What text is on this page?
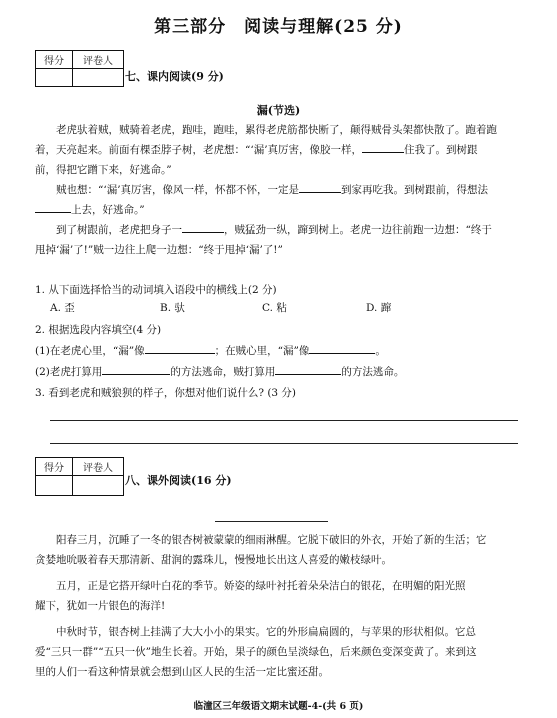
第三部分　阅读与理解(25 分)
得分	评卷人

七、课内阅读(9 分)
漏(节选)

老虎驮着贼，贼骑着老虎，跑哇，跑哇，累得老虎筋都快断了，颠得贼骨头架都快散了。跑着跑

着，天亮起来。前面有棵歪脖子树，老虎想：“‘漏’真厉害，像胶一样，	住我了。到树跟
前，得把它蹭下来，好逃命。”
贼也想：“‘漏’真厉害，像风一样，怀都不怀，一定是	到家再吃我。到树跟前，得想法
上去，好逃命。”
到了树跟前，老虎把身子一	，贼猛劲一纵，蹿到树上。老虎一边往前跑一边想：“终于
甩掉‘漏’了!”贼一边往上爬一边想：“终于甩掉‘漏’了!”
1. 从下面选择恰当的动词填入语段中的横线上(2 分)
A. 歪	B. 驮	C. 粘	D. 蹿
2. 根据选段内容填空(4 分)
(1)在老虎心里，“漏”像	；在贼心里，“漏”像	。
(2)老虎打算用	的方法逃命，贼打算用	的方法逃命。
3. 看到老虎和贼狼狈的样子，你想对他们说什么? (3 分)
得分	评卷人

八、课外阅读(16 分)

阳春三月，沉睡了一冬的银杏树被蒙蒙的细雨淋醒。它脱下破旧的外衣，开始了新的生活；它

贪婪地吮吸着春天那清新、甜润的露珠儿，慢慢地长出这人喜爱的嫩枝绿叶。

五月，正是它搭开绿叶白花的季节。娇姿的绿叶衬托着朵朵洁白的银花，在明媚的阳光照

耀下，犹如一片银色的海洋!

中秋时节，银杏树上挂满了大大小小的果实。它的外形扁扁圆的，与苹果的形状相似。它总

爱“三只一群”“五只一伙”地生长着。开始，果子的颜色呈淡绿色，后来颜色变深变黄了。来到这
里的人们一看这种情景就会想到山区人民的生活一定比蜜还甜。
临潼区三年级语文期末试题-4-(共 6 页)
